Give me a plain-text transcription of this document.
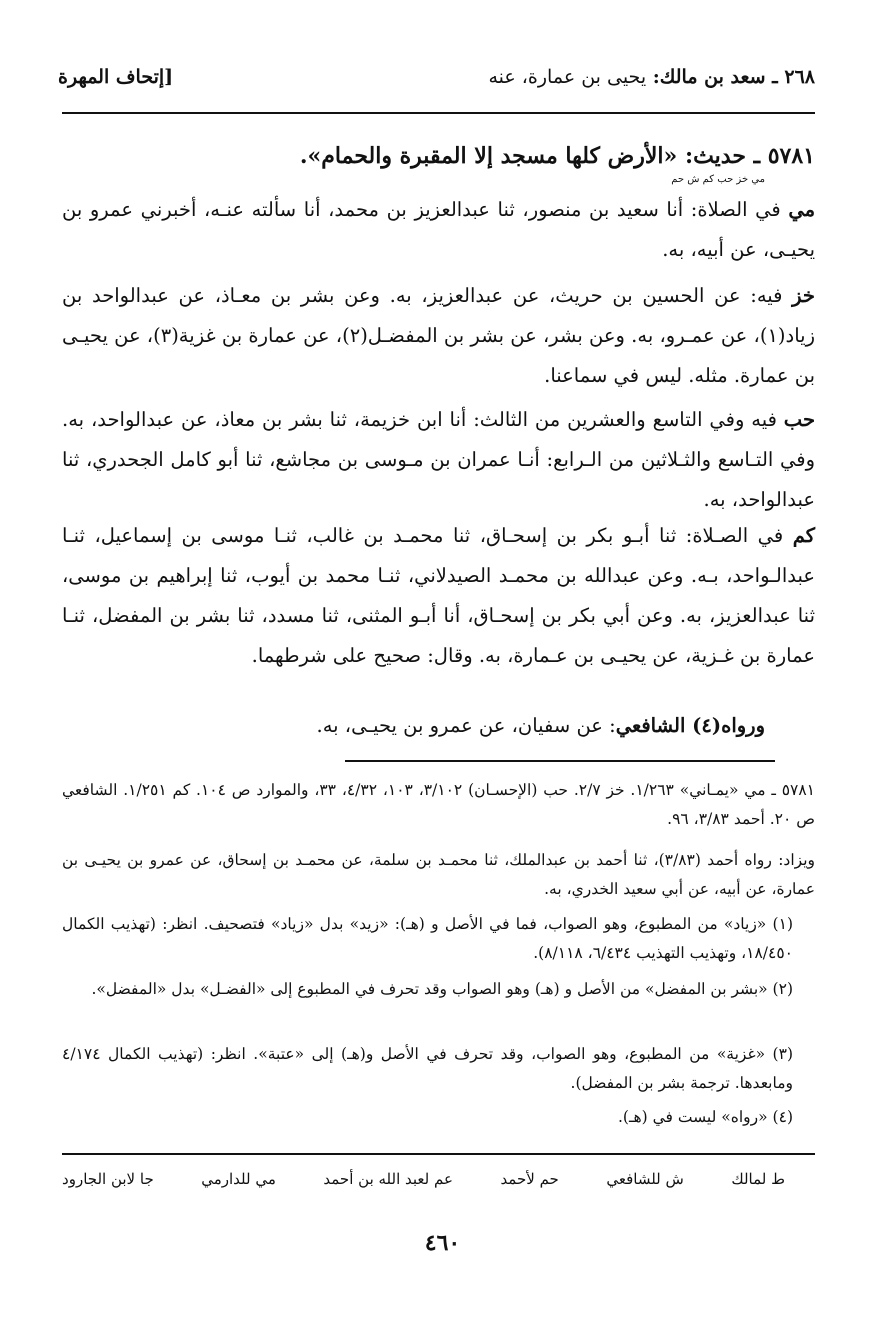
٢٦٨ ـ سعد بن مالك: يحيى بن عمارة، عنه
[إتحاف المهرة
٥٧٨١ ـ حديث: «الأرض كلها مسجد إلا المقبرة والحمام».
مي خز حب كم ش حم
مي في الصلاة: أنا سعيد بن منصور، ثنا عبدالعزيز بن محمد، أنا سألته عنـه، أخبرني عمرو بن يحيـى، عن أبيه، به.
خز فيه: عن الحسين بن حريث، عن عبدالعزيز، به. وعن بشر بن معـاذ، عن عبدالواحد بن زياد(١)، عن عمـرو، به. وعن بشر، عن بشر بن المفضـل(٢)، عن عمارة بن غزية(٣)، عن يحيـى بن عمارة. مثله. ليس في سماعنا.
حب فيه وفي التاسع والعشرين من الثالث: أنا ابن خزيمة، ثنا بشر بن معاذ، عن عبدالواحد، به. وفي التـاسع والثـلاثين من الـرابع: أنـا عمران بن مـوسى بن مجاشع، ثنا أبو كامل الجحدري، ثنا عبدالواحد، به.
كم في الصـلاة: ثنا أبـو بكر بن إسحـاق، ثنا محمـد بن غالب، ثنـا موسى بن إسماعيل، ثنـا عبدالـواحد، بـه. وعن عبدالله بن محمـد الصيدلاني، ثنـا محمد بن أيوب، ثنا إبراهيم بن موسى، ثنا عبدالعزيز، به. وعن أبي بكر بن إسحـاق، أنا أبـو المثنى، ثنا مسدد، ثنا بشر بن المفضل، ثنـا عمارة بن غـزية، عن يحيـى بن عـمارة، به. وقال: صحيح على شرطهما.
ورواه(٤) الشافعي: عن سفيان، عن عمرو بن يحيـى، به.
٥٧٨١ ـ مي «يمـاني» ١/٢٦٣. خز ٢/٧. حب (الإحسـان) ٣/١٠٢، ١٠٣، ٤/٣٢، ٣٣، والموارد ص ١٠٤. كم ١/٢٥١. الشافعي ص ٢٠. أحمد ٣/٨٣، ٩٦.
ويزاد: رواه أحمد (٣/٨٣)، ثنا أحمد بن عبدالملك، ثنا محمـد بن سلمة، عن محمـد بن إسحاق، عن عمرو بن يحيـى بن عمارة، عن أبيه، عن أبي سعيد الخدري، به.
(١) «زياد» من المطبوع، وهو الصواب، فما في الأصل و (هـ): «زيد» بدل «زياد» فتصحيف. انظر: (تهذيب الكمال ١٨/٤٥٠، وتهذيب التهذيب ٦/٤٣٤، ٨/١١٨).
(٢) «بشر بن المفضل» من الأصل و (هـ) وهو الصواب وقد تحرف في المطبوع إلى «الفضـل» بدل «المفضل».
(٣) «غزية» من المطبوع، وهو الصواب، وقد تحرف في الأصل و(هـ) إلى «عتبة». انظر: (تهذيب الكمال ٤/١٧٤ ومابعدها. ترجمة بشر بن المفضل).
(٤) «رواه» ليست في (هـ).
ط لمالك
ش للشافعي
حم لأحمد
عم لعبد الله بن أحمد
مي للدارمي
جا لابن الجارود
٤٦٠
